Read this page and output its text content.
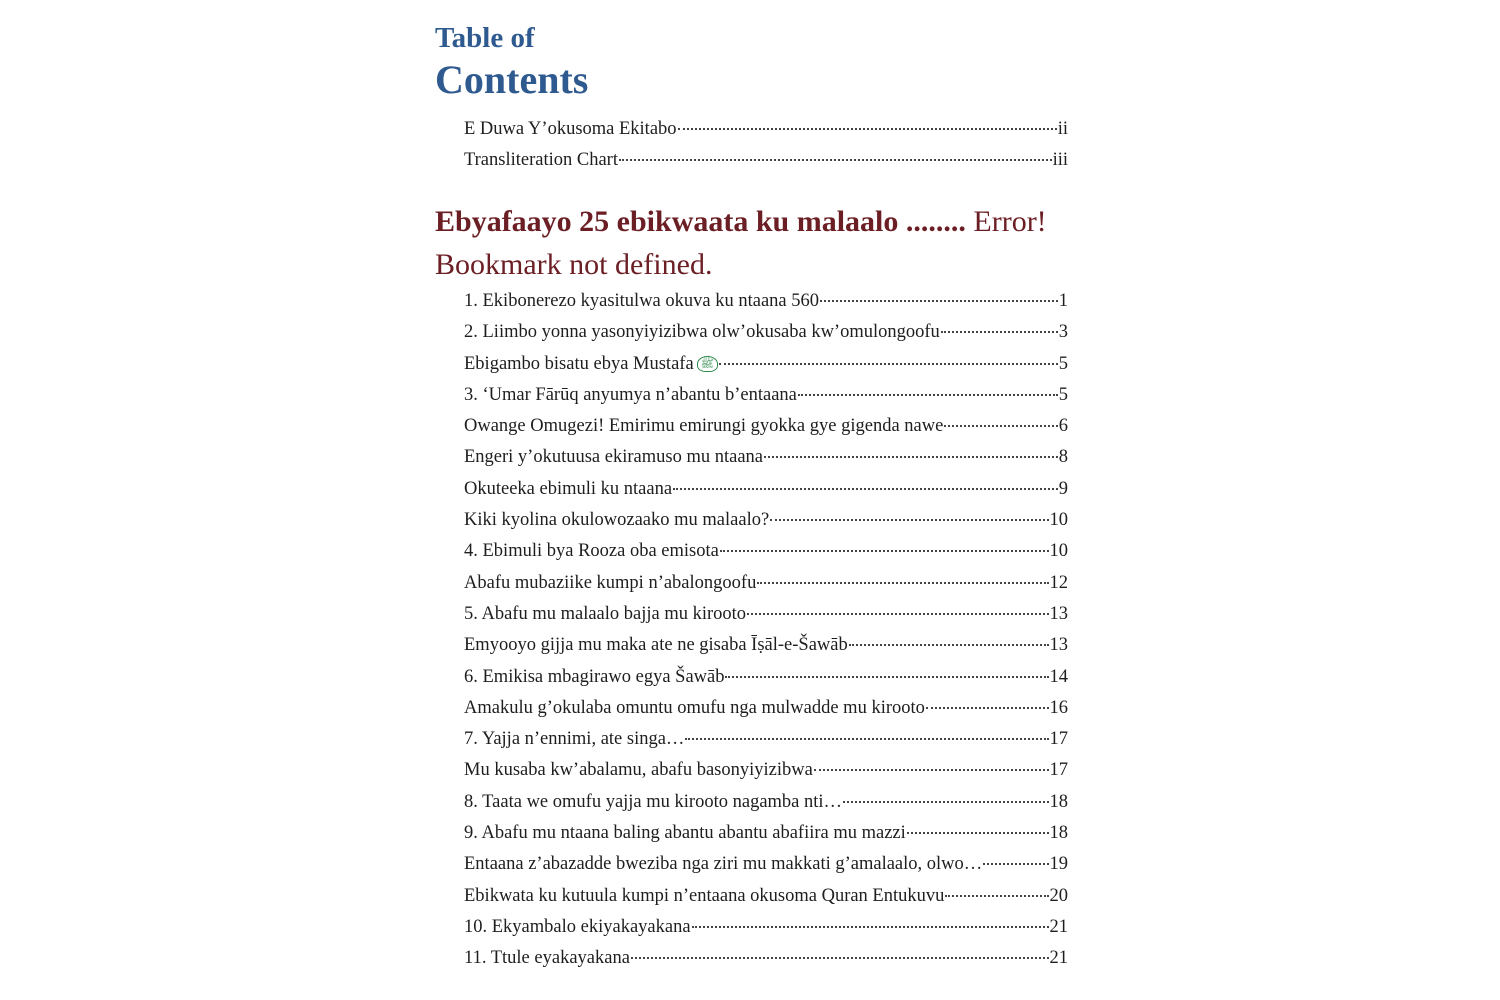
Table of
Contents
E Duwa Y’okusoma Ekitabo	ii
Transliteration Chart	iii
Ebyafaayo 25 ebikwaata ku malaalo ........ Error! Bookmark not defined.
1. Ekibonerezo kyasitulwa okuva ku ntaana 560	1
2. Liimbo yonna yasonyiyizibwa olw’okusaba kw’omulongoofu	3
Ebigambo bisatu ebya Mustafa ﷺ	5
3. ‘Umar Fārūq anyumya n’abantu b’entaana	5
Owange Omugezi! Emirimu emirungi gyokka gye gigenda nawe	6
Engeri y’okutuusa ekiramuso mu ntaana	8
Okuteeka ebimuli ku ntaana	9
Kiki kyolina okulowozaako mu malaalo?	10
4. Ebimuli bya Rooza oba emisota	10
Abafu mubaziike kumpi n’abalongoofu	12
5. Abafu mu malaalo bajja mu kirooto	13
Emyooyo gijja mu maka ate ne gisaba Īṣāl-e-Šawāb	13
6. Emikisa mbagirawo egya Šawāb	14
Amakulu g’okulaba omuntu omufu nga mulwadde mu kirooto	16
7. Yajja n’ennimi, ate singa…	17
Mu kusaba kw’abalamu, abafu basonyiyizibwa	17
8. Taata we omufu yajja mu kirooto nagamba nti…	18
9. Abafu mu ntaana baling abantu abantu abafiira mu mazzi	18
Entaana z’abazadde bweziba nga ziri mu makkati g’amalaalo, olwo…	19
Ebikwata ku kutuula kumpi n’entaana okusoma Quran Entukuvu	20
10. Ekyambalo ekiyakayakana	21
11. Ttule eyakayakana	21
